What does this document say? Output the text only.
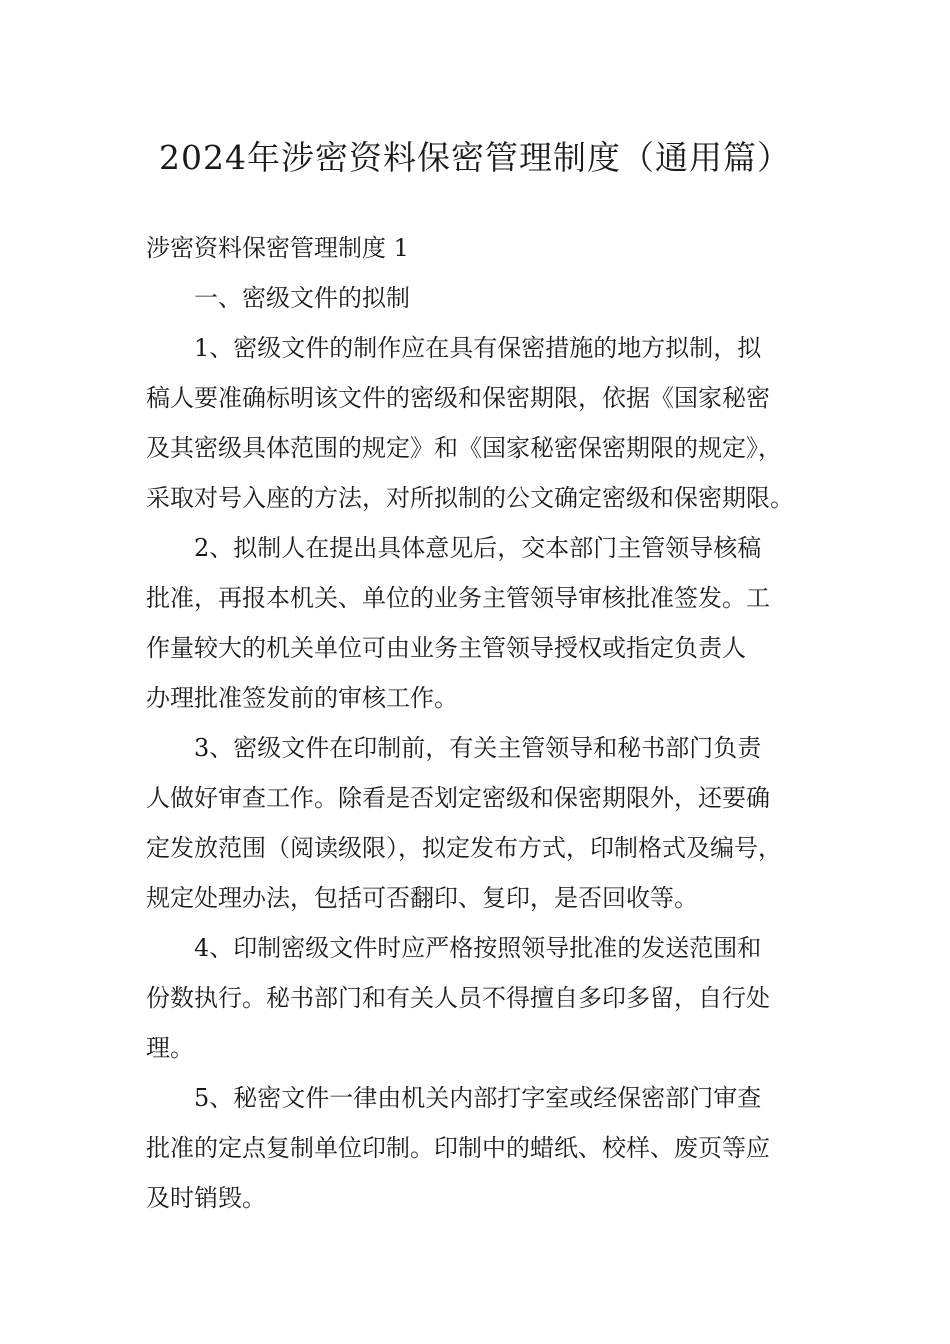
2024年涉密资料保密管理制度（通用篇）

涉密资料保密管理制度 1

一、密级文件的拟制

1、密级文件的制作应在具有保密措施的地方拟制，拟

稿人要准确标明该文件的密级和保密期限，依据《国家秘密

及其密级具体范围的规定》和《国家秘密保密期限的规定》，

采取对号入座的方法，对所拟制的公文确定密级和保密期限。

2、拟制人在提出具体意见后，交本部门主管领导核稿

批准，再报本机关、单位的业务主管领导审核批准签发。工

作量较大的机关单位可由业务主管领导授权或指定负责人

办理批准签发前的审核工作。

3、密级文件在印制前，有关主管领导和秘书部门负责

人做好审查工作。除看是否划定密级和保密期限外，还要确

定发放范围（阅读级限），拟定发布方式，印制格式及编号，

规定处理办法，包括可否翻印、复印，是否回收等。

4、印制密级文件时应严格按照领导批准的发送范围和

份数执行。秘书部门和有关人员不得擅自多印多留，自行处

理。

5、秘密文件一律由机关内部打字室或经保密部门审查

批准的定点复制单位印制。印制中的蜡纸、校样、废页等应

及时销毁。
